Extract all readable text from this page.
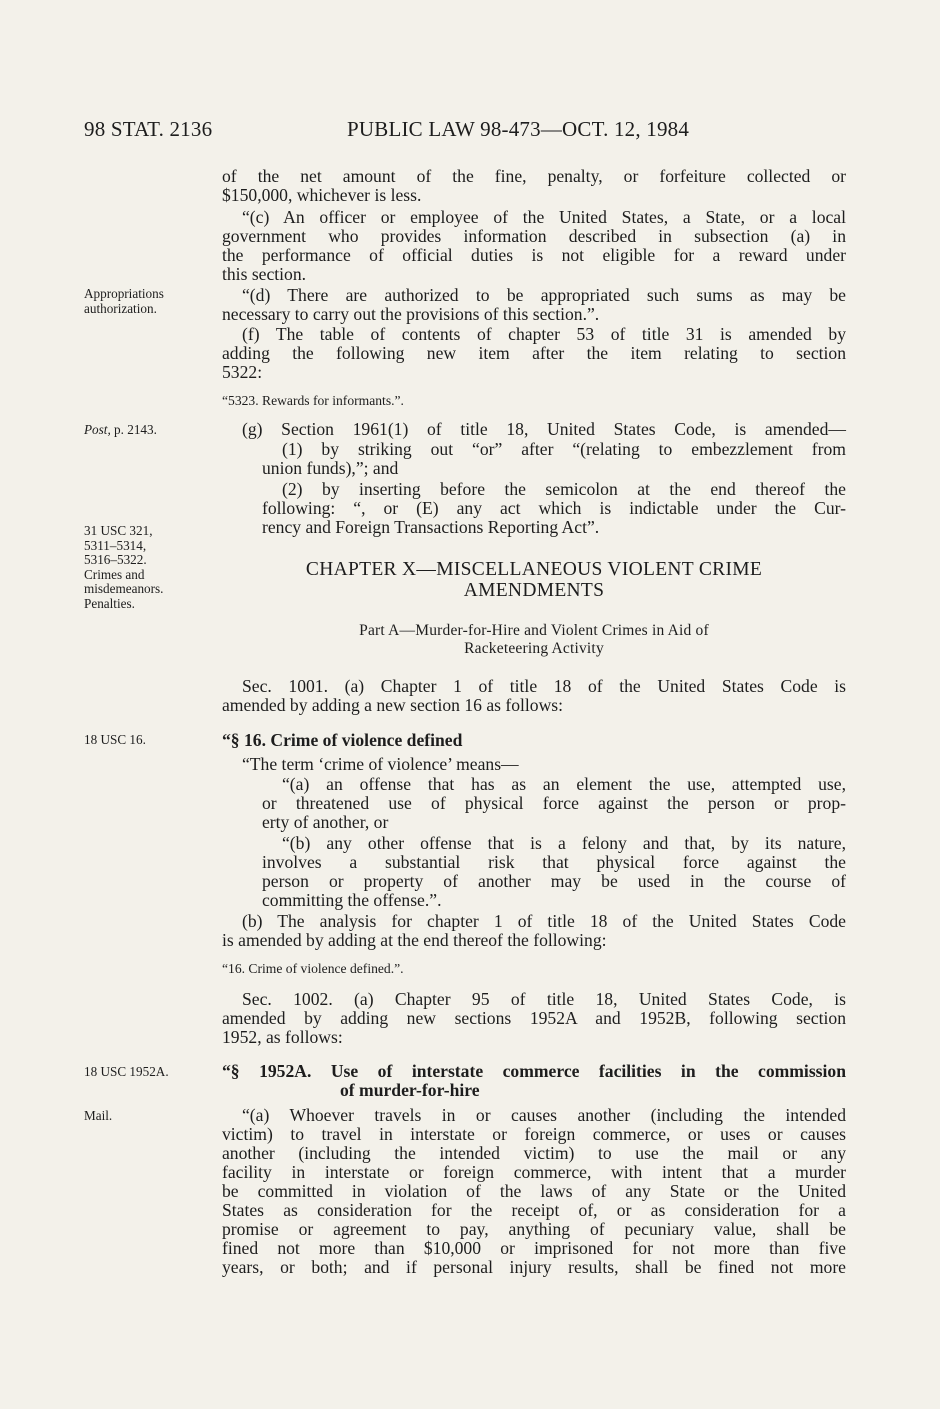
98 STAT. 2136	PUBLIC LAW 98-473—OCT. 12, 1984
Appropriations
authorization.
Post, p. 2143.
31 USC 321,
5311–5314,
5316–5322.
Crimes and
misdemeanors.
Penalties.
18 USC 16.
18 USC 1952A.
Mail.
of the net amount of the fine, penalty, or forfeiture collected or
$150,000, whichever is less.
“(c) An officer or employee of the United States, a State, or a local
government who provides information described in subsection (a) in
the performance of official duties is not eligible for a reward under
this section.
“(d) There are authorized to be appropriated such sums as may be
necessary to carry out the provisions of this section.”.
(f) The table of contents of chapter 53 of title 31 is amended by
adding the following new item after the item relating to section
5322:
“5323. Rewards for informants.”.
(g) Section 1961(1) of title 18, United States Code, is amended—
(1) by striking out “or” after “(relating to embezzlement from
union funds),”; and
(2) by inserting before the semicolon at the end thereof the
following: “, or (E) any act which is indictable under the Cur-
rency and Foreign Transactions Reporting Act”.
CHAPTER X—MISCELLANEOUS VIOLENT CRIME
AMENDMENTS
Part A—Murder-for-Hire and Violent Crimes in Aid of
Racketeering Activity
Sec. 1001. (a) Chapter 1 of title 18 of the United States Code is
amended by adding a new section 16 as follows:
“§ 16. Crime of violence defined
“The term ‘crime of violence’ means—
“(a) an offense that has as an element the use, attempted use,
or threatened use of physical force against the person or prop-
erty of another, or
“(b) any other offense that is a felony and that, by its nature,
involves a substantial risk that physical force against the
person or property of another may be used in the course of
committing the offense.”.
(b) The analysis for chapter 1 of title 18 of the United States Code
is amended by adding at the end thereof the following:
“16. Crime of violence defined.”.
Sec. 1002. (a) Chapter 95 of title 18, United States Code, is
amended by adding new sections 1952A and 1952B, following section
1952, as follows:
“§ 1952A. Use of interstate commerce facilities in the commission
of murder-for-hire
“(a) Whoever travels in or causes another (including the intended
victim) to travel in interstate or foreign commerce, or uses or causes
another (including the intended victim) to use the mail or any
facility in interstate or foreign commerce, with intent that a murder
be committed in violation of the laws of any State or the United
States as consideration for the receipt of, or as consideration for a
promise or agreement to pay, anything of pecuniary value, shall be
fined not more than $10,000 or imprisoned for not more than five
years, or both; and if personal injury results, shall be fined not more
